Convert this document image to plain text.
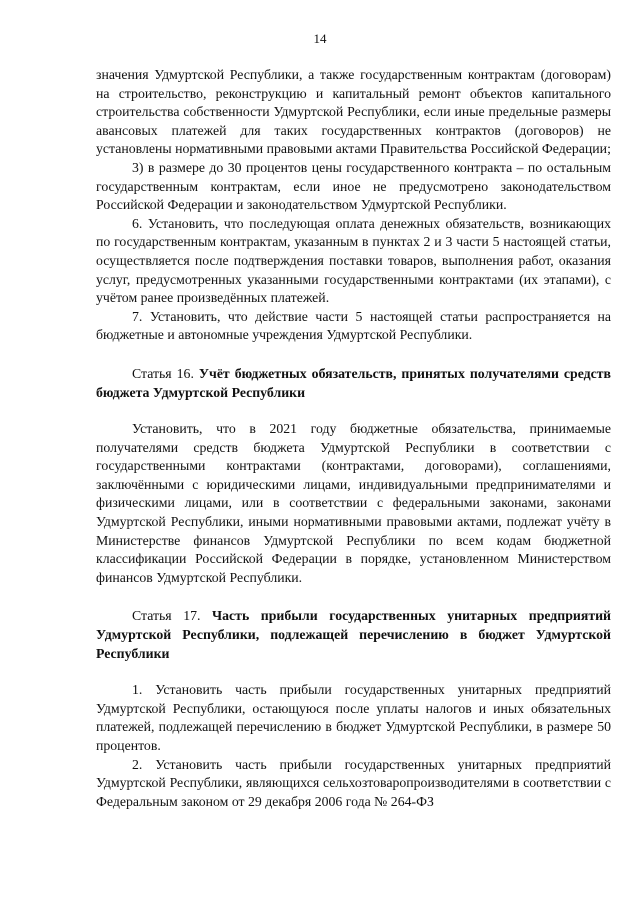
14

значения Удмуртской Республики, а также государственным контрактам (договорам) на строительство, реконструкцию и капитальный ремонт объектов капитального строительства собственности Удмуртской Республики, если иные предельные размеры авансовых платежей для таких государственных контрактов (договоров) не установлены нормативными правовыми актами Правительства Российской Федерации;

3) в размере до 30 процентов цены государственного контракта – по остальным государственным контрактам, если иное не предусмотрено законодательством Российской Федерации и законодательством Удмуртской Республики.

6. Установить, что последующая оплата денежных обязательств, возникающих по государственным контрактам, указанным в пунктах 2 и 3 части 5 настоящей статьи, осуществляется после подтверждения поставки товаров, выполнения работ, оказания услуг, предусмотренных указанными государственными контрактами (их этапами), с учётом ранее произведённых платежей.

7. Установить, что действие части 5 настоящей статьи распространяется на бюджетные и автономные учреждения Удмуртской Республики.

Статья 16. Учёт бюджетных обязательств, принятых получателями средств бюджета Удмуртской Республики

Установить, что в 2021 году бюджетные обязательства, принимаемые получателями средств бюджета Удмуртской Республики в соответствии с государственными контрактами (контрактами, договорами), соглашениями, заключёнными с юридическими лицами, индивидуальными предпринимателями и физическими лицами, или в соответствии с федеральными законами, законами Удмуртской Республики, иными нормативными правовыми актами, подлежат учёту в Министерстве финансов Удмуртской Республики по всем кодам бюджетной классификации Российской Федерации в порядке, установленном Министерством финансов Удмуртской Республики.

Статья 17. Часть прибыли государственных унитарных предприятий Удмуртской Республики, подлежащей перечислению в бюджет Удмуртской Республики

1. Установить часть прибыли государственных унитарных предприятий Удмуртской Республики, остающуюся после уплаты налогов и иных обязательных платежей, подлежащей перечислению в бюджет Удмуртской Республики, в размере 50 процентов.

2. Установить часть прибыли государственных унитарных предприятий Удмуртской Республики, являющихся сельхозтоваропроизводителями в соответствии с Федеральным законом от 29 декабря 2006 года № 264-ФЗ
